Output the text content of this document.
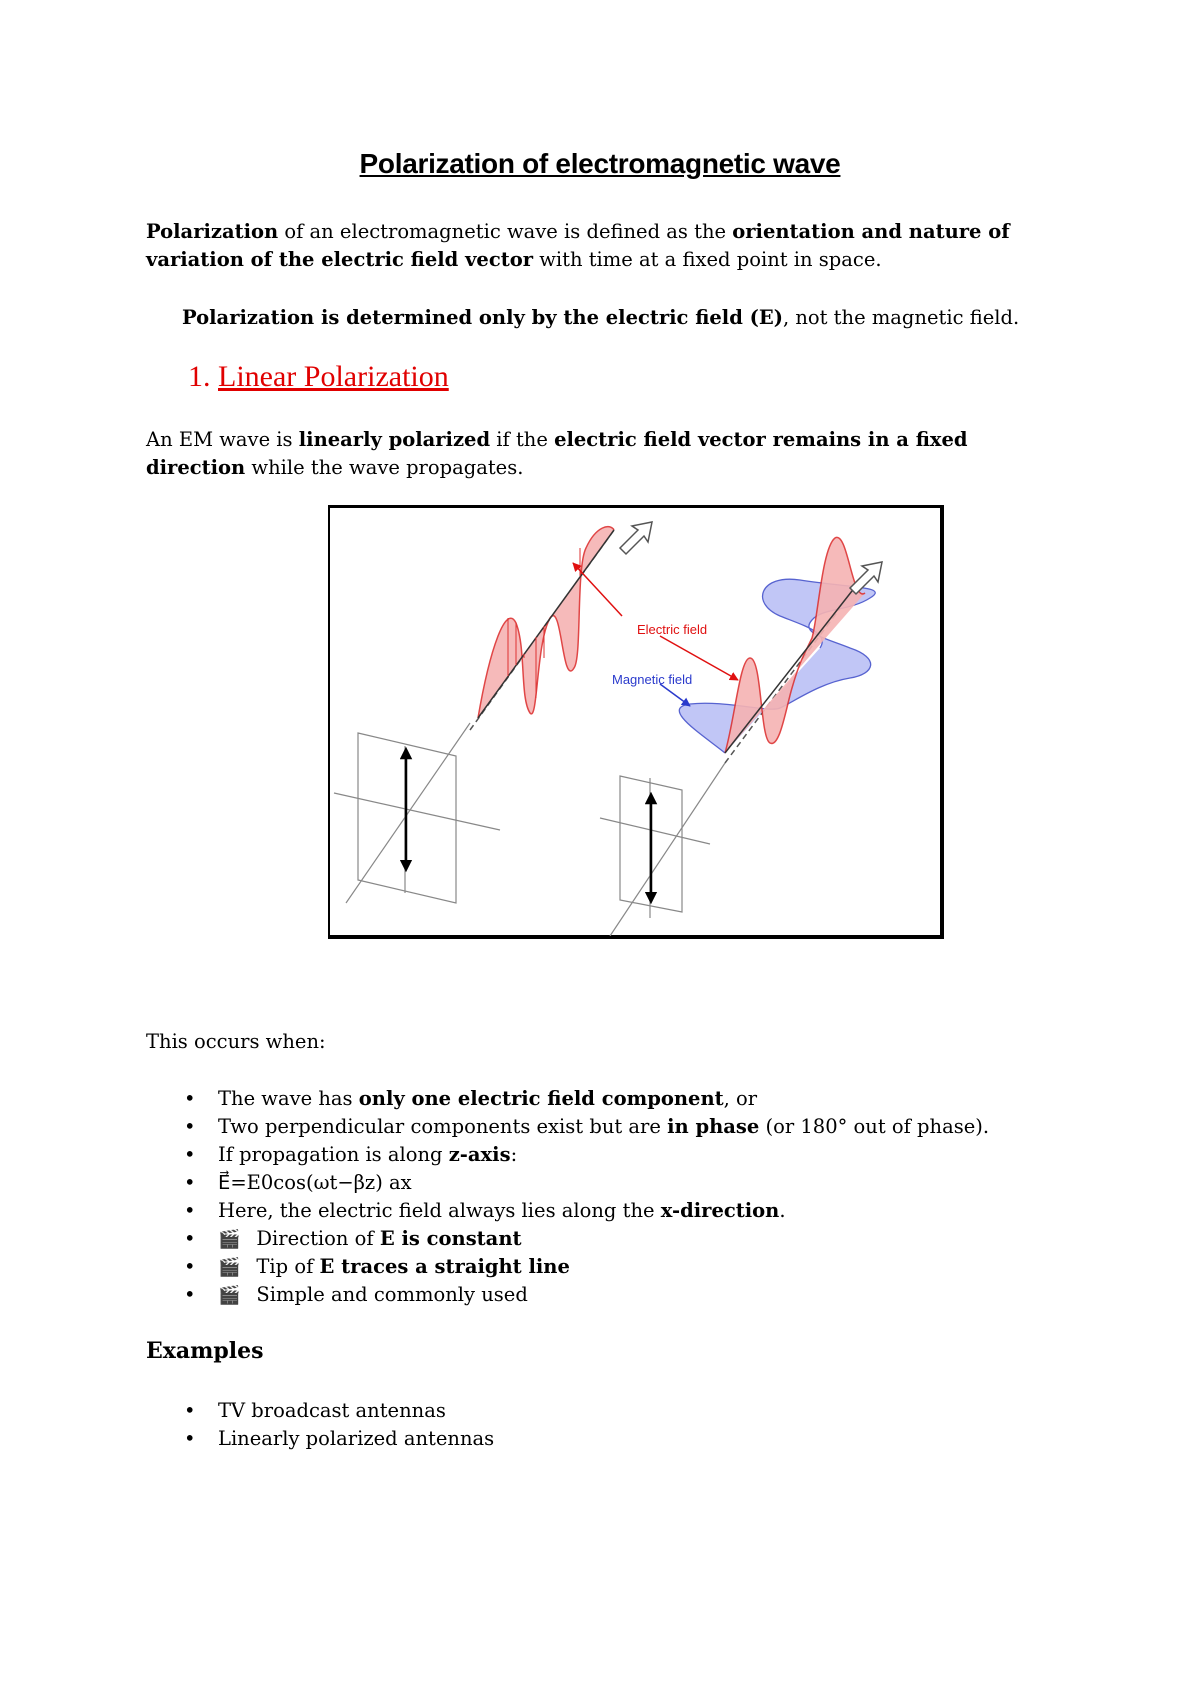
Polarization of electromagnetic wave
Polarization of an electromagnetic wave is defined as the orientation and nature of variation of the electric field vector with time at a fixed point in space.
Polarization is determined only by the electric field (E), not the magnetic field.
1. Linear Polarization
An EM wave is linearly polarized if the electric field vector remains in a fixed direction while the wave propagates.
Electric field
Magnetic field
This occurs when:
• The wave has only one electric field component, or
• Two perpendicular components exist but are in phase (or 180° out of phase).
• If propagation is along z-axis:
• E⃗=E0cos(ωt−βz) ax
• Here, the electric field always lies along the x-direction.
• 🎬 Direction of E is constant
• 🎬 Tip of E traces a straight line
• 🎬 Simple and commonly used
Examples
• TV broadcast antennas
• Linearly polarized antennas
